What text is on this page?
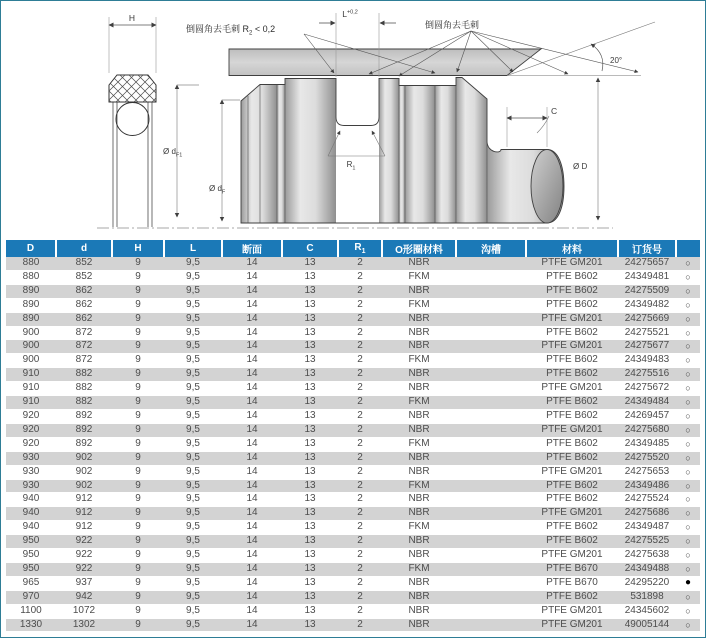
H
Ø $d_{F1}$
Ø $d_F$
Ø D
20°
$L^{+0,2}$
$R_1$
C
倒圆角去毛刺 $R_2 < 0,2$	倒圆角去毛刺
D	d	H	L	断面	C	$R_1$	O形圈材料	沟槽	材料	订货号	
880	852	9	9,5	14	13	2	NBR		PTFE GM201	24275657	○
880	852	9	9,5	14	13	2	FKM		PTFE B602	24349481	○
890	862	9	9,5	14	13	2	NBR		PTFE B602	24275509	○
890	862	9	9,5	14	13	2	FKM		PTFE B602	24349482	○
890	862	9	9,5	14	13	2	NBR		PTFE GM201	24275669	○
900	872	9	9,5	14	13	2	NBR		PTFE B602	24275521	○
900	872	9	9,5	14	13	2	NBR		PTFE GM201	24275677	○
900	872	9	9,5	14	13	2	FKM		PTFE B602	24349483	○
910	882	9	9,5	14	13	2	NBR		PTFE B602	24275516	○
910	882	9	9,5	14	13	2	NBR		PTFE GM201	24275672	○
910	882	9	9,5	14	13	2	FKM		PTFE B602	24349484	○
920	892	9	9,5	14	13	2	NBR		PTFE B602	24269457	○
920	892	9	9,5	14	13	2	NBR		PTFE GM201	24275680	○
920	892	9	9,5	14	13	2	FKM		PTFE B602	24349485	○
930	902	9	9,5	14	13	2	NBR		PTFE B602	24275520	○
930	902	9	9,5	14	13	2	NBR		PTFE GM201	24275653	○
930	902	9	9,5	14	13	2	FKM		PTFE B602	24349486	○
940	912	9	9,5	14	13	2	NBR		PTFE B602	24275524	○
940	912	9	9,5	14	13	2	NBR		PTFE GM201	24275686	○
940	912	9	9,5	14	13	2	FKM		PTFE B602	24349487	○
950	922	9	9,5	14	13	2	NBR		PTFE B602	24275525	○
950	922	9	9,5	14	13	2	NBR		PTFE GM201	24275638	○
950	922	9	9,5	14	13	2	FKM		PTFE B670	24349488	○
965	937	9	9,5	14	13	2	NBR		PTFE B670	24295220	●
970	942	9	9,5	14	13	2	NBR		PTFE B602	531898	○
1100	1072	9	9,5	14	13	2	NBR		PTFE GM201	24345602	○
1330	1302	9	9,5	14	13	2	NBR		PTFE GM201	49005144	○
